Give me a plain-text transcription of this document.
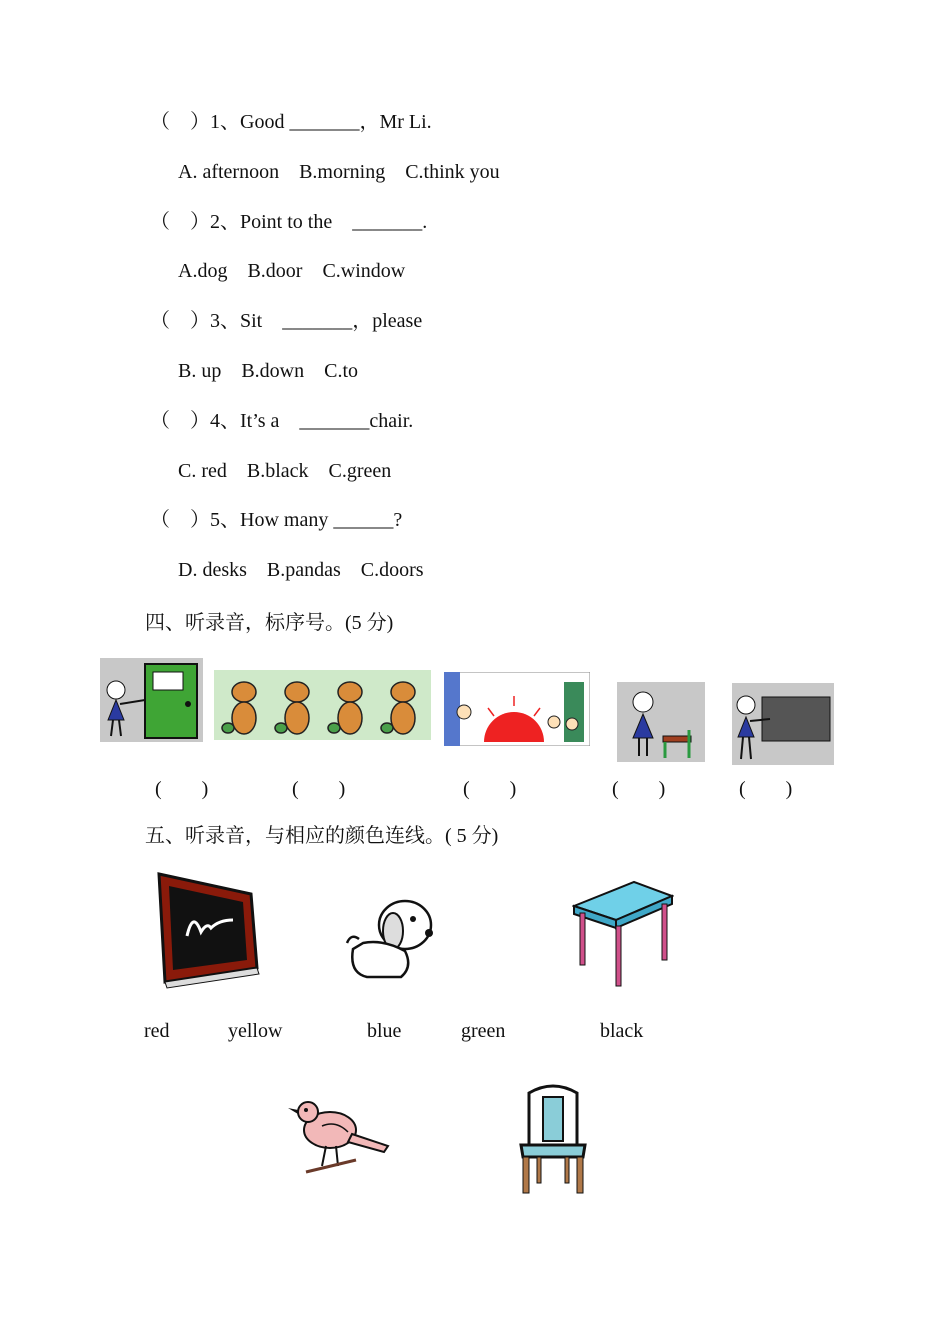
（　）1、Good _______，Mr Li.
A. afternoon    B.morning    C.think you
（　）2、Point to the    _______.
A.dog    B.door    C.window
（　）3、Sit    _______，please
B. up    B.down    C.to
（　）4、It’s a    _______chair.
C. red    B.black    C.green
（　）5、How many ______?
D. desks    B.pandas    C.doors
四、听录音，标序号。(5 分)
(　　)	(　　)	(　　)	(　　)	(　　)
五、听录音，与相应的颜色连线。( 5 分)
red	yellow	blue	green	black
